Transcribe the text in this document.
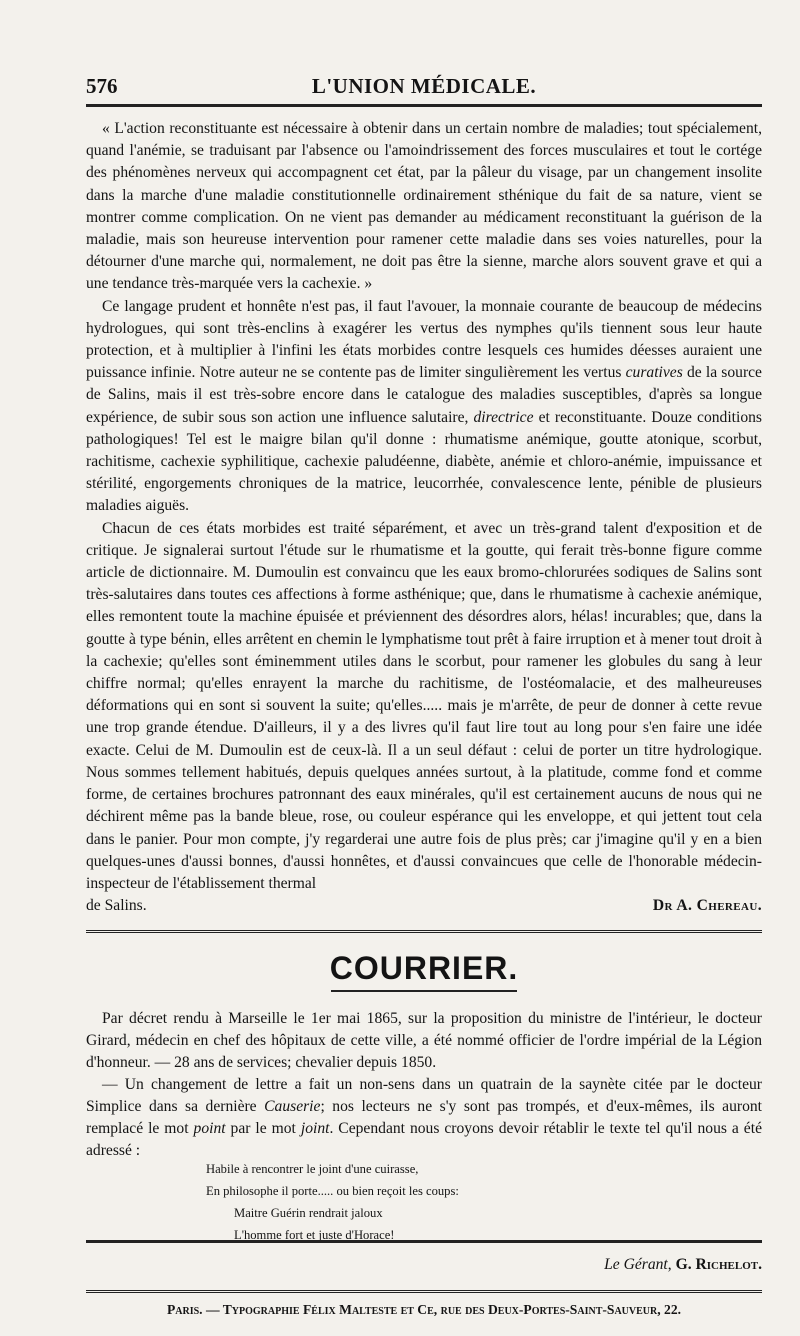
576	L'UNION MÉDICALE.

« L'action reconstituante est nécessaire à obtenir dans un certain nombre de maladies; tout spécialement, quand l'anémie, se traduisant par l'absence ou l'amoindrissement des forces musculaires et tout le cortége des phénomènes nerveux qui accompagnent cet état, par la pâleur du visage, par un changement insolite dans la marche d'une maladie constitutionnelle ordinairement sthénique du fait de sa nature, vient se montrer comme complication. On ne vient pas demander au médicament reconstituant la guérison de la maladie, mais son heureuse intervention pour ramener cette maladie dans ses voies naturelles, pour la détourner d'une marche qui, normalement, ne doit pas être la sienne, marche alors souvent grave et qui a une tendance très-marquée vers la cachexie. »

Ce langage prudent et honnête n'est pas, il faut l'avouer, la monnaie courante de beaucoup de médecins hydrologues, qui sont très-enclins à exagérer les vertus des nymphes qu'ils tiennent sous leur haute protection, et à multiplier à l'infini les états morbides contre lesquels ces humides déesses auraient une puissance infinie. Notre auteur ne se contente pas de limiter singulièrement les vertus curatives de la source de Salins, mais il est très-sobre encore dans le catalogue des maladies susceptibles, d'après sa longue expérience, de subir sous son action une influence salutaire, directrice et reconstituante. Douze conditions pathologiques! Tel est le maigre bilan qu'il donne : rhumatisme anémique, goutte atonique, scorbut, rachitisme, cachexie syphilitique, cachexie paludéenne, diabète, anémie et chloro-anémie, impuissance et stérilité, engorgements chroniques de la matrice, leucorrhée, convalescence lente, pénible de plusieurs maladies aiguës.

Chacun de ces états morbides est traité séparément, et avec un très-grand talent d'exposition et de critique. Je signalerai surtout l'étude sur le rhumatisme et la goutte, qui ferait très-bonne figure comme article de dictionnaire. M. Dumoulin est convaincu que les eaux bromo-chlorurées sodiques de Salins sont très-salutaires dans toutes ces affections à forme asthénique; que, dans le rhumatisme à cachexie anémique, elles remontent toute la machine épuisée et préviennent des désordres alors, hélas! incurables; que, dans la goutte à type bénin, elles arrêtent en chemin le lymphatisme tout prêt à faire irruption et à mener tout droit à la cachexie; qu'elles sont éminemment utiles dans le scorbut, pour ramener les globules du sang à leur chiffre normal; qu'elles enrayent la marche du rachitisme, de l'ostéomalacie, et des malheureuses déformations qui en sont si souvent la suite; qu'elles..... mais je m'arrête, de peur de donner à cette revue une trop grande étendue. D'ailleurs, il y a des livres qu'il faut lire tout au long pour s'en faire une idée exacte. Celui de M. Dumoulin est de ceux-là. Il a un seul défaut : celui de porter un titre hydrologique. Nous sommes tellement habitués, depuis quelques années surtout, à la platitude, comme fond et comme forme, de certaines brochures patronnant des eaux minérales, qu'il est certainement aucuns de nous qui ne déchirent même pas la bande bleue, rose, ou couleur espérance qui les enveloppe, et qui jettent tout cela dans le panier. Pour mon compte, j'y regarderai une autre fois de plus près; car j'imagine qu'il y en a bien quelques-unes d'aussi bonnes, d'aussi honnêtes, et d'aussi convaincues que celle de l'honorable médecin-inspecteur de l'établissement thermal

de Salins.	Dr A. Chereau.
COURRIER.

Par décret rendu à Marseille le 1er mai 1865, sur la proposition du ministre de l'intérieur, le docteur Girard, médecin en chef des hôpitaux de cette ville, a été nommé officier de l'ordre impérial de la Légion d'honneur. — 28 ans de services; chevalier depuis 1850.

— Un changement de lettre a fait un non-sens dans un quatrain de la saynète citée par le docteur Simplice dans sa dernière Causerie; nos lecteurs ne s'y sont pas trompés, et d'eux-mêmes, ils auront remplacé le mot point par le mot joint. Cependant nous croyons devoir rétablir le texte tel qu'il nous a été adressé :

Habile à rencontrer le joint d'une cuirasse,
En philosophe il porte..... ou bien reçoit les coups:
Maitre Guérin rendrait jaloux
L'homme fort et juste d'Horace!
Le Gérant, G. Richelot.
Paris. — Typographie Félix Malteste et Ce, rue des Deux-Portes-Saint-Sauveur, 22.
